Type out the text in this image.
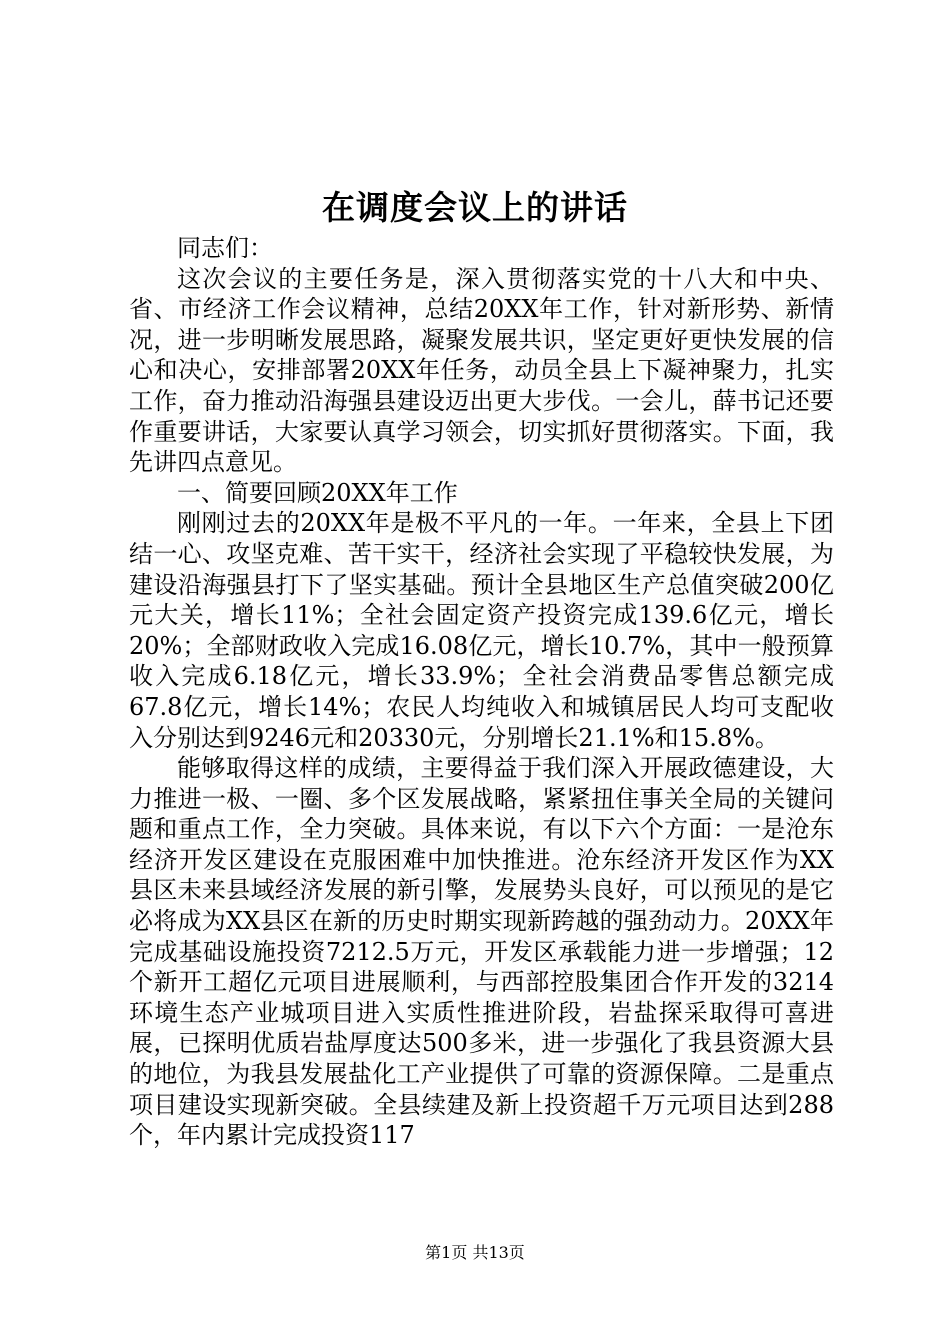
在调度会议上的讲话

同志们：

这次会议的主要任务是，深入贯彻落实党的十八大和中央、省、市经济工作会议精神，总结20XX年工作，针对新形势、新情况，进一步明晰发展思路，凝聚发展共识，坚定更好更快发展的信心和决心，安排部署20XX年任务，动员全县上下凝神聚力，扎实工作，奋力推动沿海强县建设迈出更大步伐。一会儿，薛书记还要作重要讲话，大家要认真学习领会，切实抓好贯彻落实。下面，我先讲四点意见。

一、简要回顾20XX年工作

刚刚过去的20XX年是极不平凡的一年。一年来，全县上下团结一心、攻坚克难、苦干实干，经济社会实现了平稳较快发展，为建设沿海强县打下了坚实基础。预计全县地区生产总值突破200亿元大关，增长11%；全社会固定资产投资完成139.6亿元，增长20%；全部财政收入完成16.08亿元，增长10.7%，其中一般预算收入完成6.18亿元，增长33.9%；全社会消费品零售总额完成67.8亿元，增长14%；农民人均纯收入和城镇居民人均可支配收入分别达到9246元和20330元，分别增长21.1%和15.8%。

能够取得这样的成绩，主要得益于我们深入开展政德建设，大力推进一极、一圈、多个区发展战略，紧紧扭住事关全局的关键问题和重点工作，全力突破。具体来说，有以下六个方面：一是沧东经济开发区建设在克服困难中加快推进。沧东经济开发区作为XX县区未来县域经济发展的新引擎，发展势头良好，可以预见的是它必将成为XX县区在新的历史时期实现新跨越的强劲动力。20XX年完成基础设施投资7212.5万元，开发区承载能力进一步增强；12个新开工超亿元项目进展顺利，与西部控股集团合作开发的3214环境生态产业城项目进入实质性推进阶段，岩盐探采取得可喜进展，已探明优质岩盐厚度达500多米，进一步强化了我县资源大县的地位，为我县发展盐化工产业提供了可靠的资源保障。二是重点项目建设实现新突破。全县续建及新上投资超千万元项目达到288个，年内累计完成投资117

第1页 共13页
